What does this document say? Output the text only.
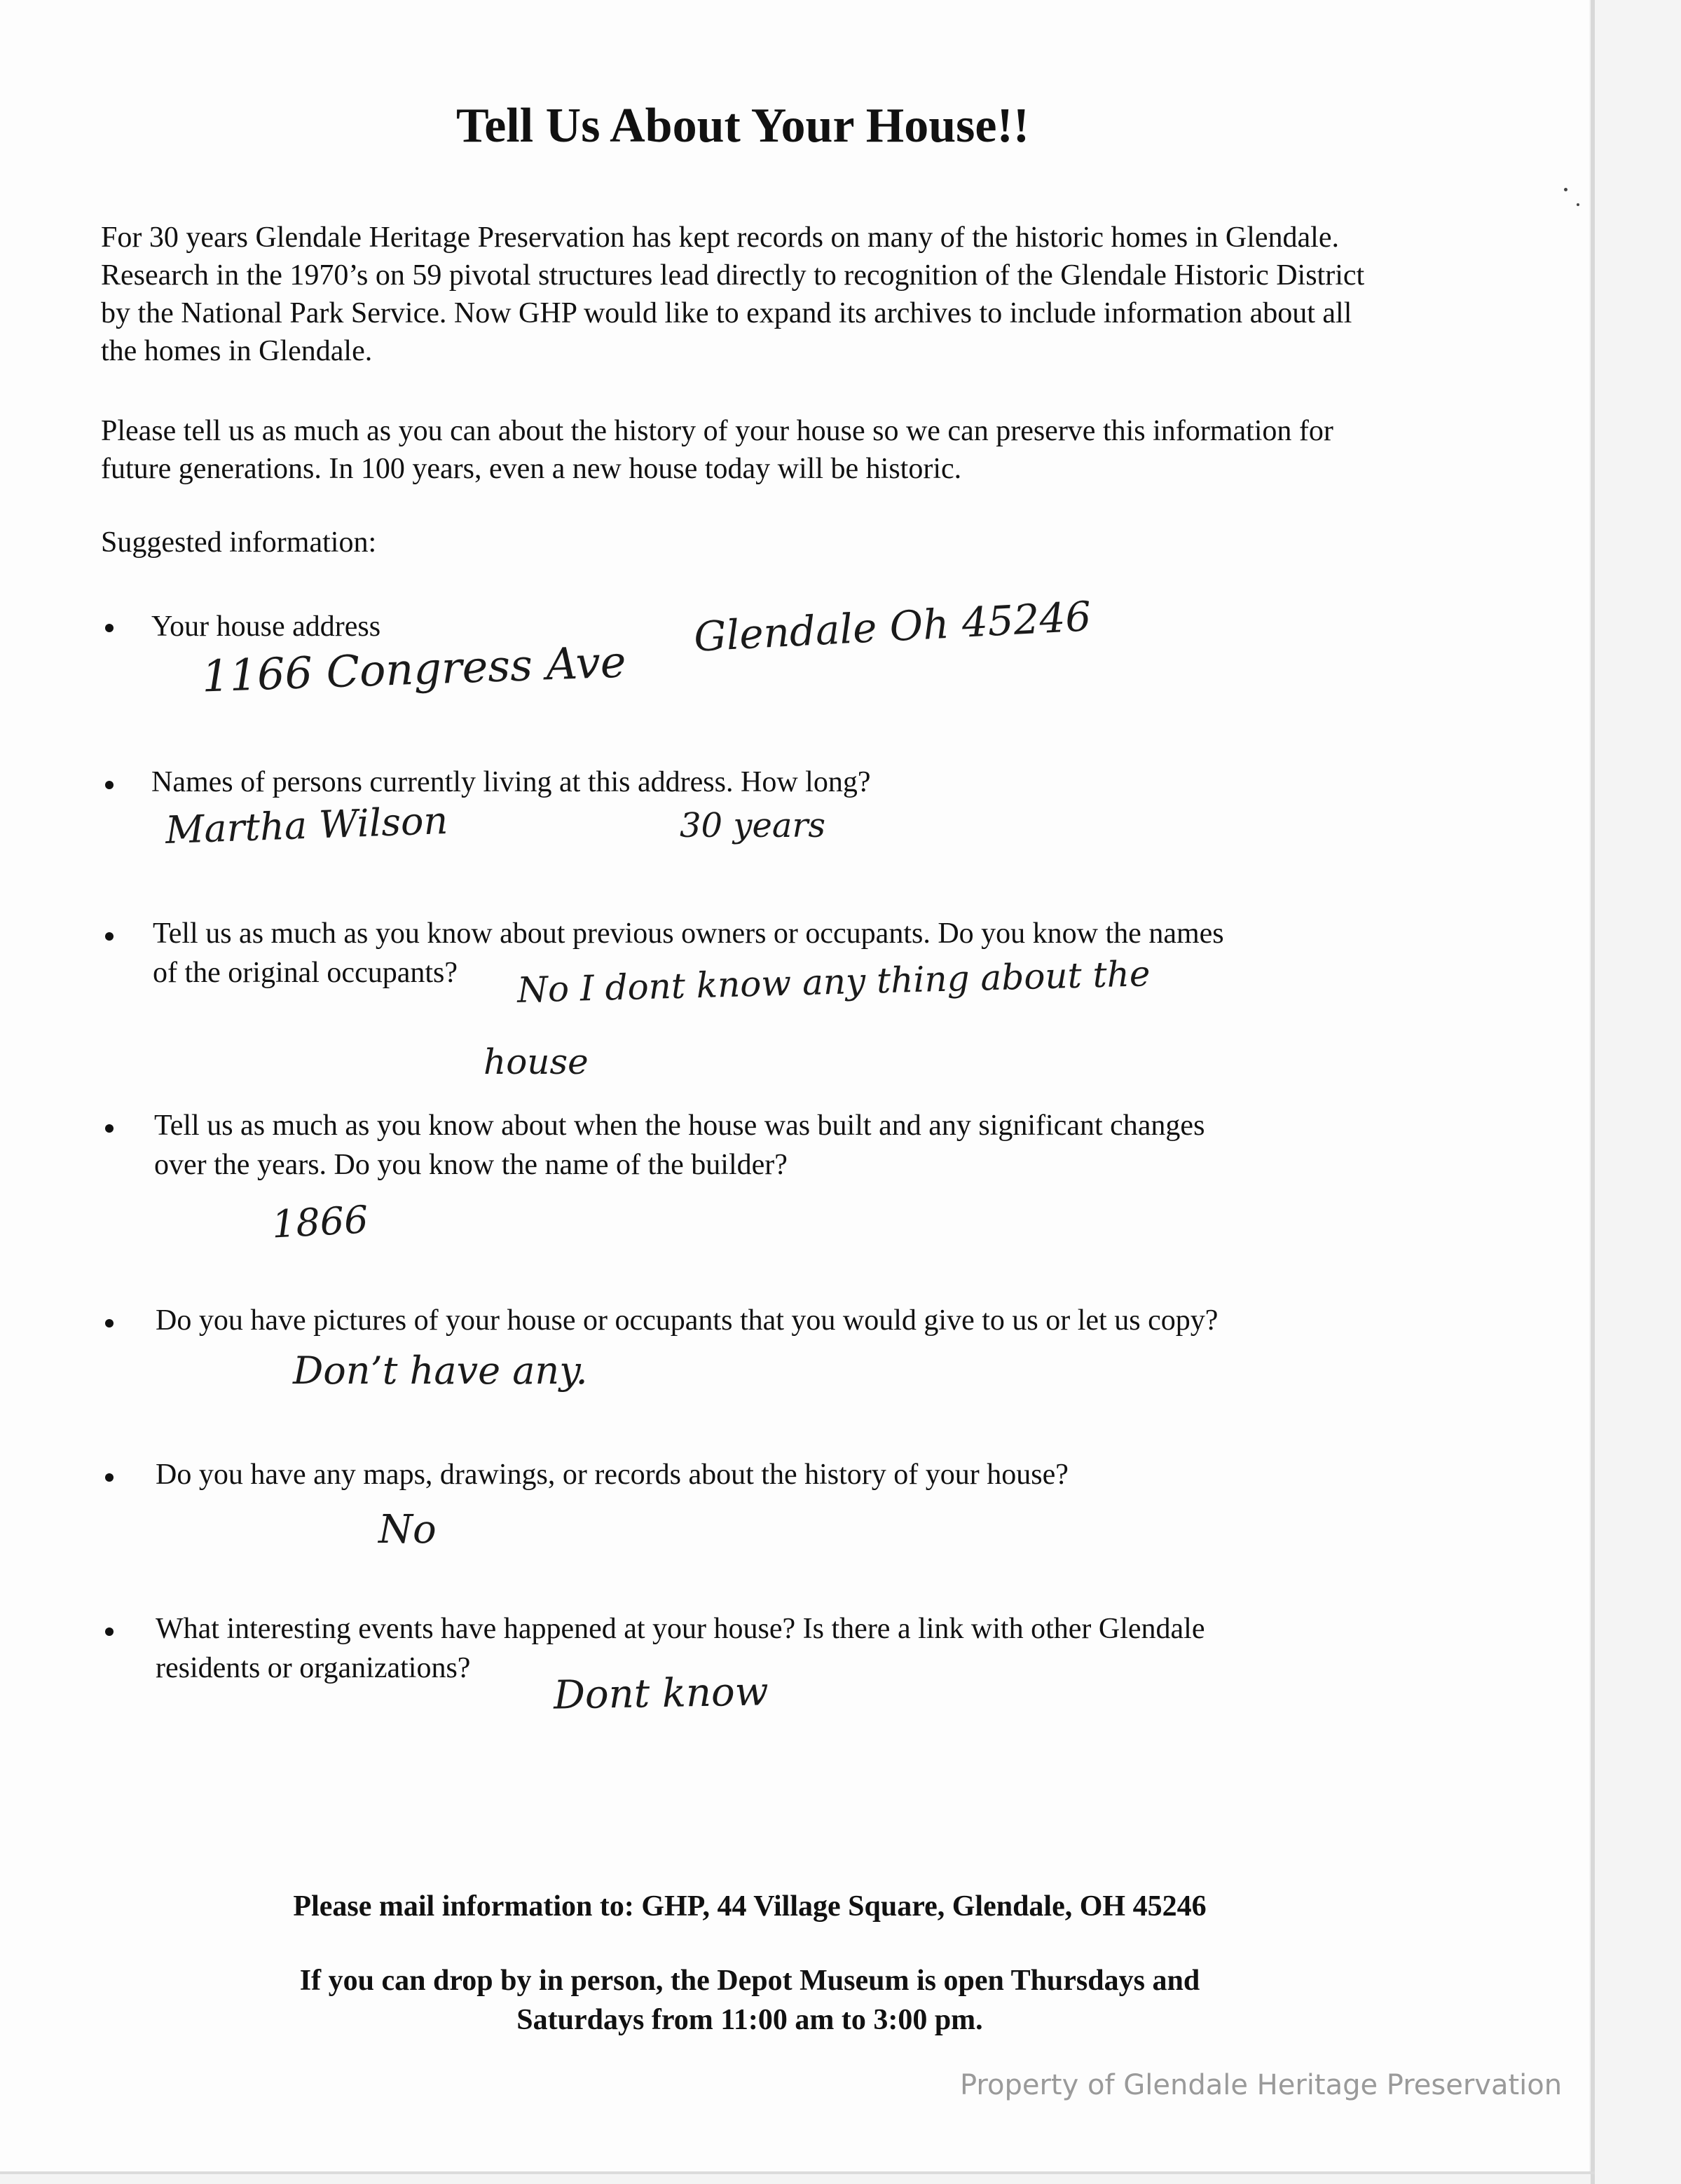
Tell Us About Your House!!

For 30 years Glendale Heritage Preservation has kept records on many of the historic homes in Glendale. Research in the 1970’s on 59 pivotal structures lead directly to recognition of the Glendale Historic District by the National Park Service. Now GHP would like to expand its archives to include information about all the homes in Glendale.

Please tell us as much as you can about the history of your house so we can preserve this information for future generations. In 100 years, even a new house today will be historic.

Suggested information:

Your house address

1166 Congress Ave

Glendale Oh 45246

Names of persons currently living at this address. How long?

Martha Wilson	30 years

Tell us as much as you know about previous owners or occupants. Do you know the names

of the original occupants? No I dont know any thing about the

house

Tell us as much as you know about when the house was built and any significant changes

over the years. Do you know the name of the builder?

1866

Do you have pictures of your house or occupants that you would give to us or let us copy?

Don’t have any.

Do you have any maps, drawings, or records about the history of your house?

No

What interesting events have happened at your house? Is there a link with other Glendale

residents or organizations?

Dont know

Please mail information to: GHP, 44 Village Square, Glendale, OH 45246

If you can drop by in person, the Depot Museum is open Thursdays and

Saturdays from 11:00 am to 3:00 pm.

Property of Glendale Heritage Preservation
